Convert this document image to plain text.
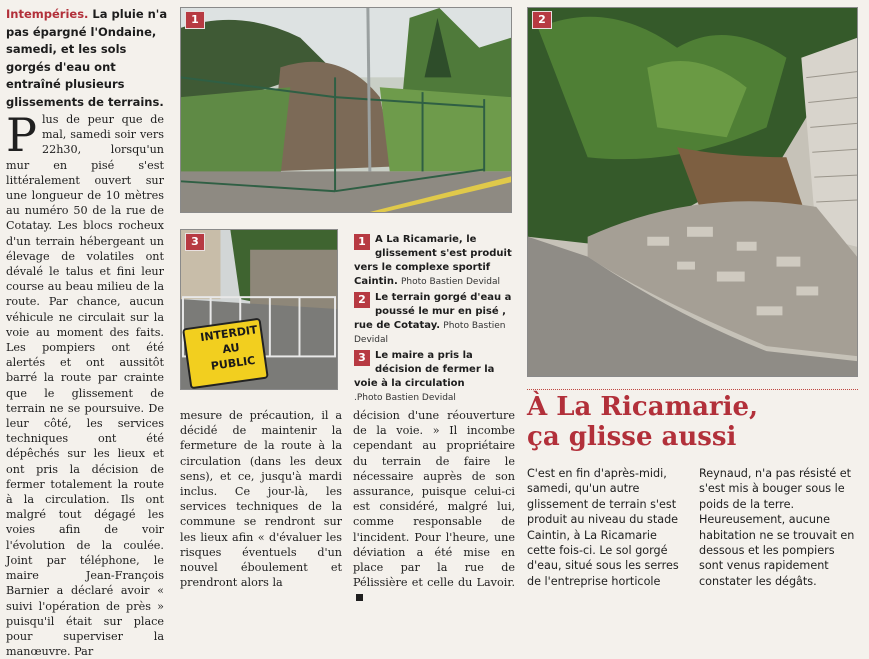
Intempéries. La pluie n'a pas épargné l'Ondaine, samedi, et les sols gorgés d'eau ont entraîné plusieurs glissements de terrains.

Plus de peur que de mal, samedi soir vers 22h30, lorsqu'un mur en pisé s'est littéralement ouvert sur une longueur de 10 mètres au numéro 50 de la rue de Cotatay. Les blocs rocheux d'un terrain hébergeant un élevage de volatiles ont dévalé le talus et fini leur course au beau milieu de la route. Par chance, aucun véhicule ne circulait sur la voie au moment des faits. Les pompiers ont été alertés et ont aussitôt barré la route par crainte que le glissement de terrain ne se poursuive. De leur côté, les services techniques ont été dépêchés sur les lieux et ont pris la décision de fermer totalement la route à la circulation. Ils ont malgré tout dégagé les voies afin de voir l'évolution de la coulée. Joint par téléphone, le maire Jean-François Barnier a déclaré avoir « suivi l'opération de près » puisqu'il était sur place pour superviser la manœuvre. Par

1	2
3
INTERDIT
AU
PUBLIC
1 A La Ricamarie, le glissement s'est produit vers le complexe sportif Caintin. Photo Bastien Devidal
2 Le terrain gorgé d'eau a poussé le mur en pisé , rue de Cotatay. Photo Bastien Devidal
3 Le maire a pris la décision de fermer la voie à la circulation
.Photo Bastien Devidal

mesure de précaution, il a décidé de maintenir la fermeture de la route à la circulation (dans les deux sens), et ce, jusqu'à mardi inclus. Ce jour-là, les services techniques de la commune se rendront sur les lieux afin « d'évaluer les risques éventuels d'un nouvel éboulement et prendront alors la

décision d'une réouverture de la voie. » Il incombe cependant au propriétaire du terrain de faire le nécessaire auprès de son assurance, puisque celui-ci est considéré, malgré lui, comme responsable de l'incident. Pour l'heure, une déviation a été mise en place par la rue de Pélissière et celle du Lavoir.

À La Ricamarie,
ça glisse aussi
C'est en fin d'après-midi, samedi, qu'un autre glissement de terrain s'est produit au niveau du stade Caintin, à La Ricamarie cette fois-ci. Le sol gorgé d'eau, situé sous les serres de l'entreprise horticole
Reynaud, n'a pas résisté et s'est mis à bouger sous le poids de la terre. Heureusement, aucune habitation ne se trouvait en dessous et les pompiers sont venus rapidement constater les dégâts.
